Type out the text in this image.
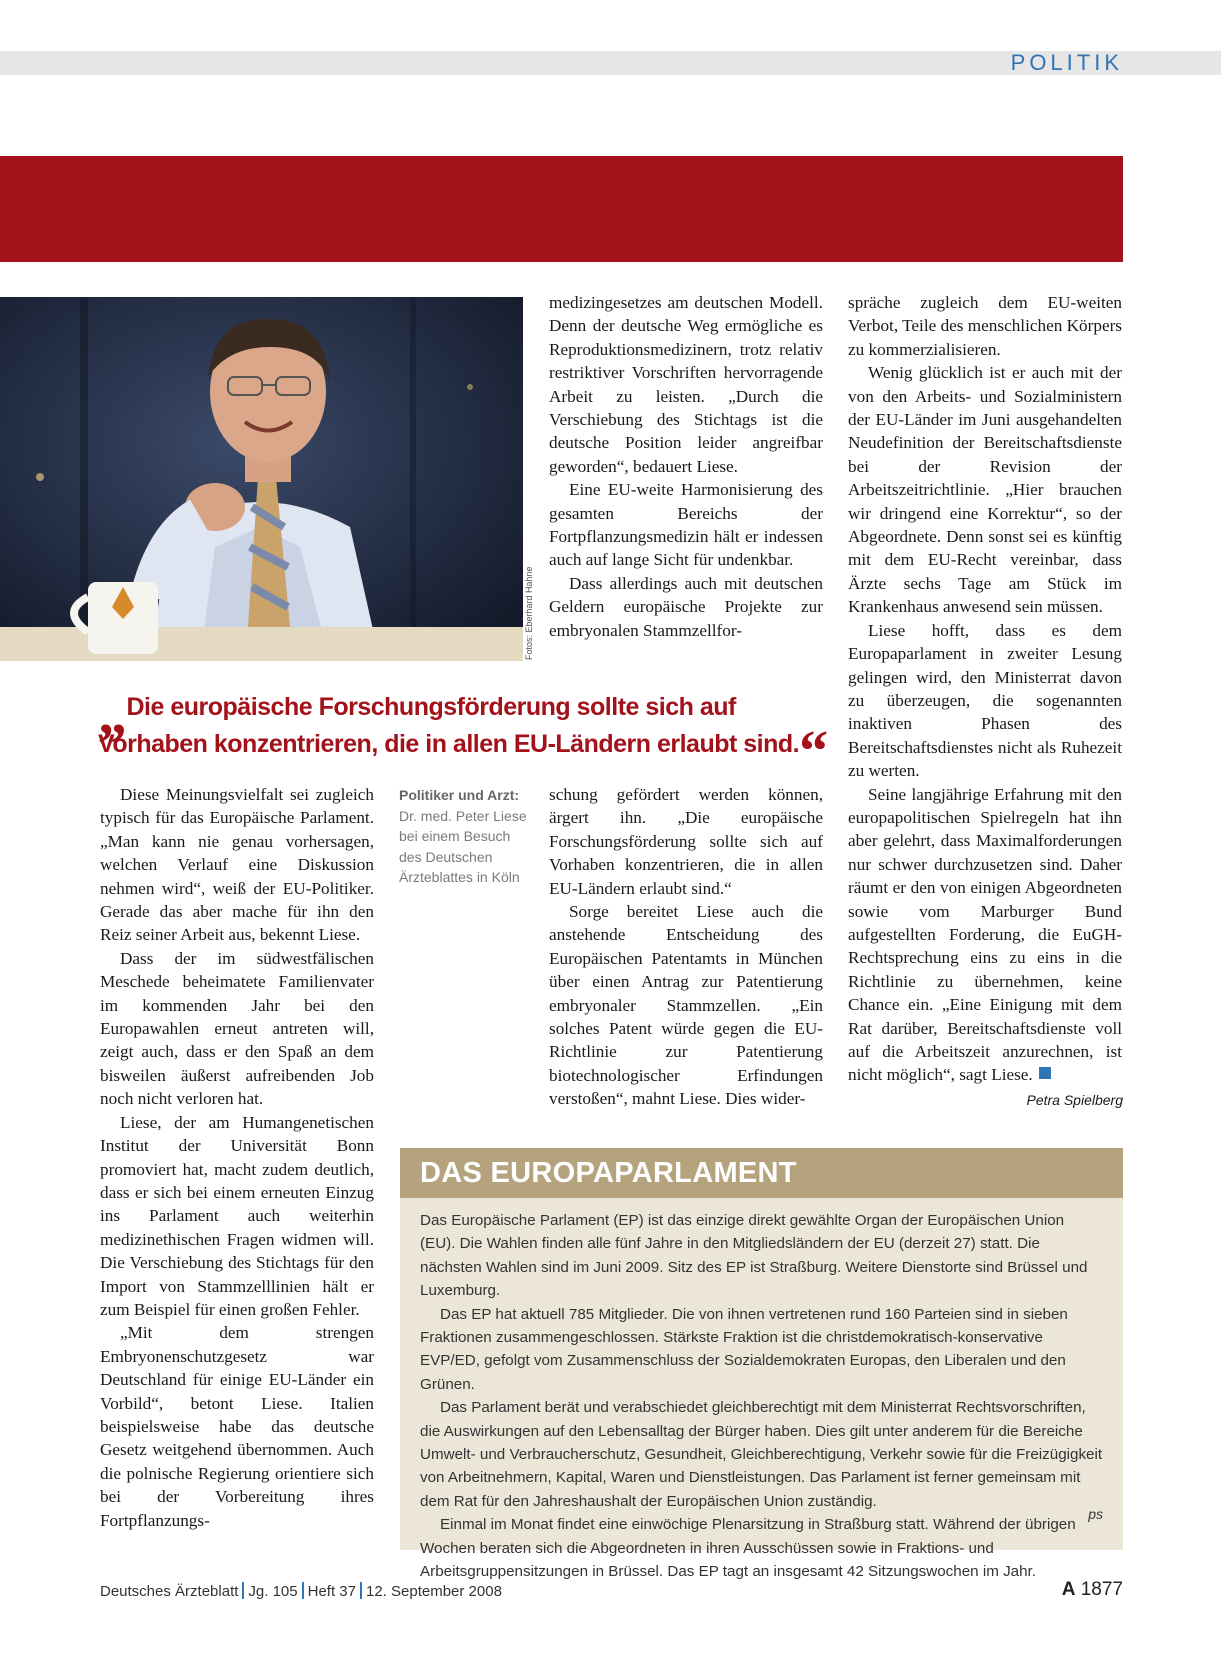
POLITIK
Fotos: Eberhard Hahne
„Die europäische Forschungsförderung sollte sich auf Vorhaben konzentrieren, die in allen EU-Ländern erlaubt sind.“

Diese Meinungsvielfalt sei zugleich typisch für das Europäische Parlament. „Man kann nie genau vorhersagen, welchen Verlauf eine Diskussion nehmen wird“, weiß der EU-Politiker. Gerade das aber mache für ihn den Reiz seiner Arbeit aus, bekennt Liese.

Dass der im südwestfälischen Meschede beheimatete Familienvater im kommenden Jahr bei den Europawahlen erneut antreten will, zeigt auch, dass er den Spaß an dem bisweilen äußerst aufreibenden Job noch nicht verloren hat.

Liese, der am Humangenetischen Institut der Universität Bonn promoviert hat, macht zudem deutlich, dass er sich bei einem erneuten Einzug ins Parlament auch weiterhin medizinethischen Fragen widmen will. Die Verschiebung des Stichtags für den Import von Stammzelllinien hält er zum Beispiel für einen großen Fehler.

„Mit dem strengen Embryonenschutzgesetz war Deutschland für einige EU-Länder ein Vorbild“, betont Liese. Italien beispielsweise habe das deutsche Gesetz weitgehend übernommen. Auch die polnische Regierung orientiere sich bei der Vorbereitung ihres Fortpflanzungs-

Politiker und Arzt:
Dr. med. Peter Liese bei einem Besuch des Deutschen Ärzteblattes in Köln

medizingesetzes am deutschen Modell. Denn der deutsche Weg ermögliche es Reproduktionsmedizinern, trotz relativ restriktiver Vorschriften hervorragende Arbeit zu leisten. „Durch die Verschiebung des Stichtags ist die deutsche Position leider angreifbar geworden“, bedauert Liese.

Eine EU-weite Harmonisierung des gesamten Bereichs der Fortpflanzungsmedizin hält er indessen auch auf lange Sicht für undenkbar.

Dass allerdings auch mit deutschen Geldern europäische Projekte zur embryonalen Stammzellfor-

schung gefördert werden können, ärgert ihn. „Die europäische Forschungsförderung sollte sich auf Vorhaben konzentrieren, die in allen EU-Ländern erlaubt sind.“

Sorge bereitet Liese auch die anstehende Entscheidung des Europäischen Patentamts in München über einen Antrag zur Patentierung embryonaler Stammzellen. „Ein solches Patent würde gegen die EU-Richtlinie zur Patentierung biotechnologischer Erfindungen verstoßen“, mahnt Liese. Dies wider-

spräche zugleich dem EU-weiten Verbot, Teile des menschlichen Körpers zu kommerzialisieren.

Wenig glücklich ist er auch mit der von den Arbeits- und Sozialministern der EU-Länder im Juni ausgehandelten Neudefinition der Bereitschaftsdienste bei der Revision der Arbeitszeitrichtlinie. „Hier brauchen wir dringend eine Korrektur“, so der Abgeordnete. Denn sonst sei es künftig mit dem EU-Recht vereinbar, dass Ärzte sechs Tage am Stück im Krankenhaus anwesend sein müssen.

Liese hofft, dass es dem Europaparlament in zweiter Lesung gelingen wird, den Ministerrat davon zu überzeugen, die sogenannten inaktiven Phasen des Bereitschaftsdienstes nicht als Ruhezeit zu werten.

Seine langjährige Erfahrung mit den europapolitischen Spielregeln hat ihn aber gelehrt, dass Maximalforderungen nur schwer durchzusetzen sind. Daher räumt er den von einigen Abgeordneten sowie vom Marburger Bund aufgestellten Forderung, die EuGH-Rechtsprechung eins zu eins in die Richtlinie zu übernehmen, keine Chance ein. „Eine Einigung mit dem Rat darüber, Bereitschaftsdienste voll auf die Arbeitszeit anzurechnen, ist nicht möglich“, sagt Liese.

Petra Spielberg
DAS EUROPAPARLAMENT

Das Europäische Parlament (EP) ist das einzige direkt gewählte Organ der Europäischen Union (EU). Die Wahlen finden alle fünf Jahre in den Mitgliedsländern der EU (derzeit 27) statt. Die nächsten Wahlen sind im Juni 2009. Sitz des EP ist Straßburg. Weitere Dienstorte sind Brüssel und Luxemburg.

Das EP hat aktuell 785 Mitglieder. Die von ihnen vertretenen rund 160 Parteien sind in sieben Fraktionen zusammengeschlossen. Stärkste Fraktion ist die christdemokratisch-konservative EVP/ED, gefolgt vom Zusammenschluss der Sozialdemokraten Europas, den Liberalen und den Grünen.

Das Parlament berät und verabschiedet gleichberechtigt mit dem Ministerrat Rechtsvorschriften, die Auswirkungen auf den Lebensalltag der Bürger haben. Dies gilt unter anderem für die Bereiche Umwelt- und Verbraucherschutz, Gesundheit, Gleichberechtigung, Verkehr sowie für die Freizügigkeit von Arbeitnehmern, Kapital, Waren und Dienstleistungen. Das Parlament ist ferner gemeinsam mit dem Rat für den Jahreshaushalt der Europäischen Union zuständig.

Einmal im Monat findet eine einwöchige Plenarsitzung in Straßburg statt. Während der übrigen Wochen beraten sich die Abgeordneten in ihren Ausschüssen sowie in Fraktions- und Arbeitsgruppensitzungen in Brüssel. Das EP tagt an insgesamt 42 Sitzungswochen im Jahr.

ps
Deutsches Ärzteblatt Jg. 105 Heft 37 12. September 2008	A 1877
